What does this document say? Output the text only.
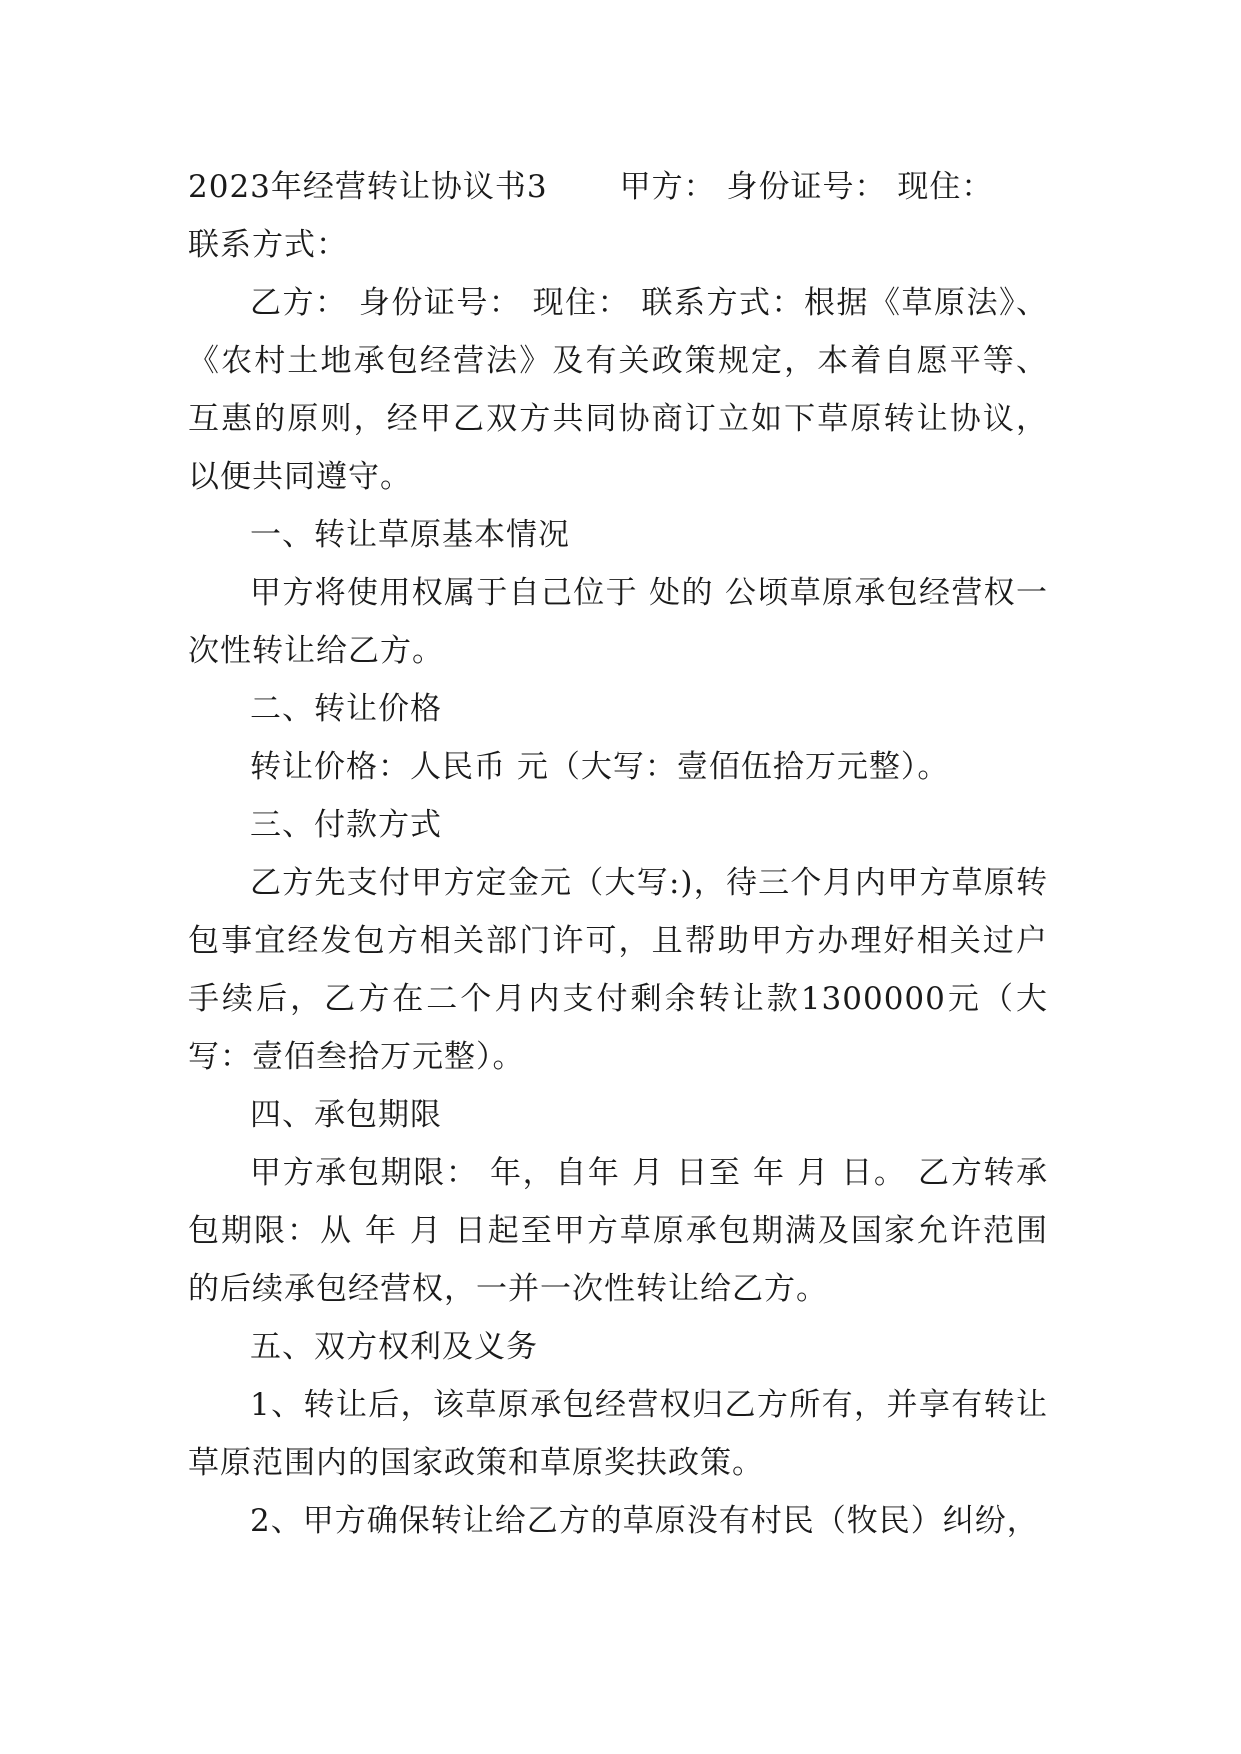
2023年经营转让协议书3 甲方： 身份证号： 现住：

联系方式：

乙方： 身份证号： 现住： 联系方式：根据《草原法》、《农村土地承包经营法》及有关政策规定，本着自愿平等、互惠的原则，经甲乙双方共同协商订立如下草原转让协议，以便共同遵守。

一、转让草原基本情况

甲方将使用权属于自己位于 处的 公顷草原承包经营权一次性转让给乙方。

二、转让价格

转让价格：人民币 元（大写：壹佰伍拾万元整）。

三、付款方式

乙方先支付甲方定金元（大写:)，待三个月内甲方草原转包事宜经发包方相关部门许可，且帮助甲方办理好相关过户手续后，乙方在二个月内支付剩余转让款1300000元（大写：壹佰叁拾万元整）。

四、承包期限

甲方承包期限： 年，自年 月 日至 年 月 日。 乙方转承包期限：从 年 月 日起至甲方草原承包期满及国家允许范围的后续承包经营权，一并一次性转让给乙方。

五、双方权利及义务

1、转让后，该草原承包经营权归乙方所有，并享有转让草原范围内的国家政策和草原奖扶政策。

2、甲方确保转让给乙方的草原没有村民（牧民）纠纷，
